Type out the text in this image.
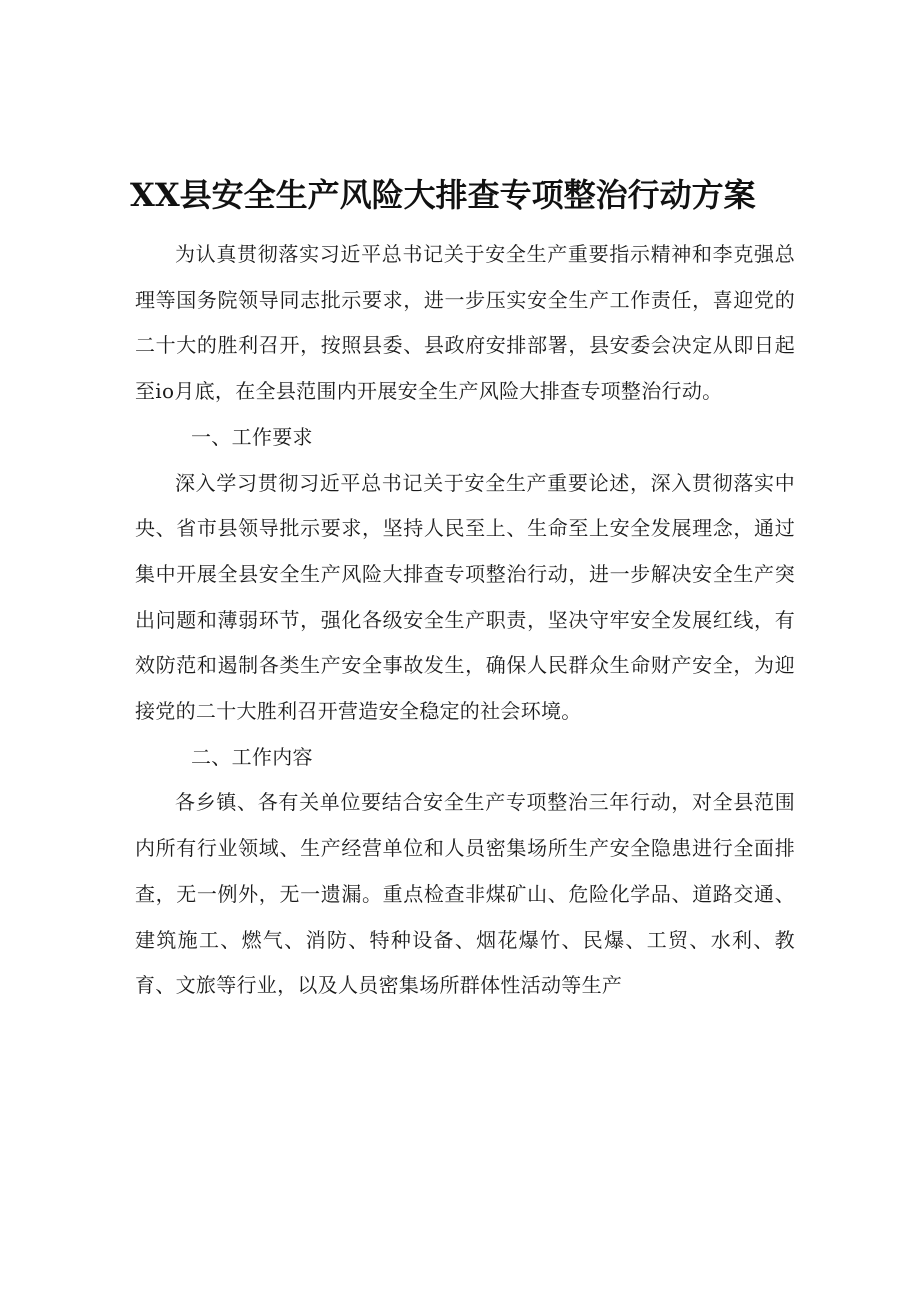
XX县安全生产风险大排查专项整治行动方案

为认真贯彻落实习近平总书记关于安全生产重要指示精神和李克强总理等国务院领导同志批示要求，进一步压实安全生产工作责任，喜迎党的二十大的胜利召开，按照县委、县政府安排部署，县安委会决定从即日起至io月底，在全县范围内开展安全生产风险大排查专项整治行动。

一、工作要求

深入学习贯彻习近平总书记关于安全生产重要论述，深入贯彻落实中央、省市县领导批示要求，坚持人民至上、生命至上安全发展理念，通过集中开展全县安全生产风险大排查专项整治行动，进一步解决安全生产突出问题和薄弱环节，强化各级安全生产职责，坚决守牢安全发展红线，有效防范和遏制各类生产安全事故发生，确保人民群众生命财产安全，为迎接党的二十大胜利召开营造安全稳定的社会环境。

二、工作内容

各乡镇、各有关单位要结合安全生产专项整治三年行动，对全县范围内所有行业领域、生产经营单位和人员密集场所生产安全隐患进行全面排查，无一例外，无一遗漏。重点检查非煤矿山、危险化学品、道路交通、建筑施工、燃气、消防、特种设备、烟花爆竹、民爆、工贸、水利、教育、文旅等行业，以及人员密集场所群体性活动等生产
